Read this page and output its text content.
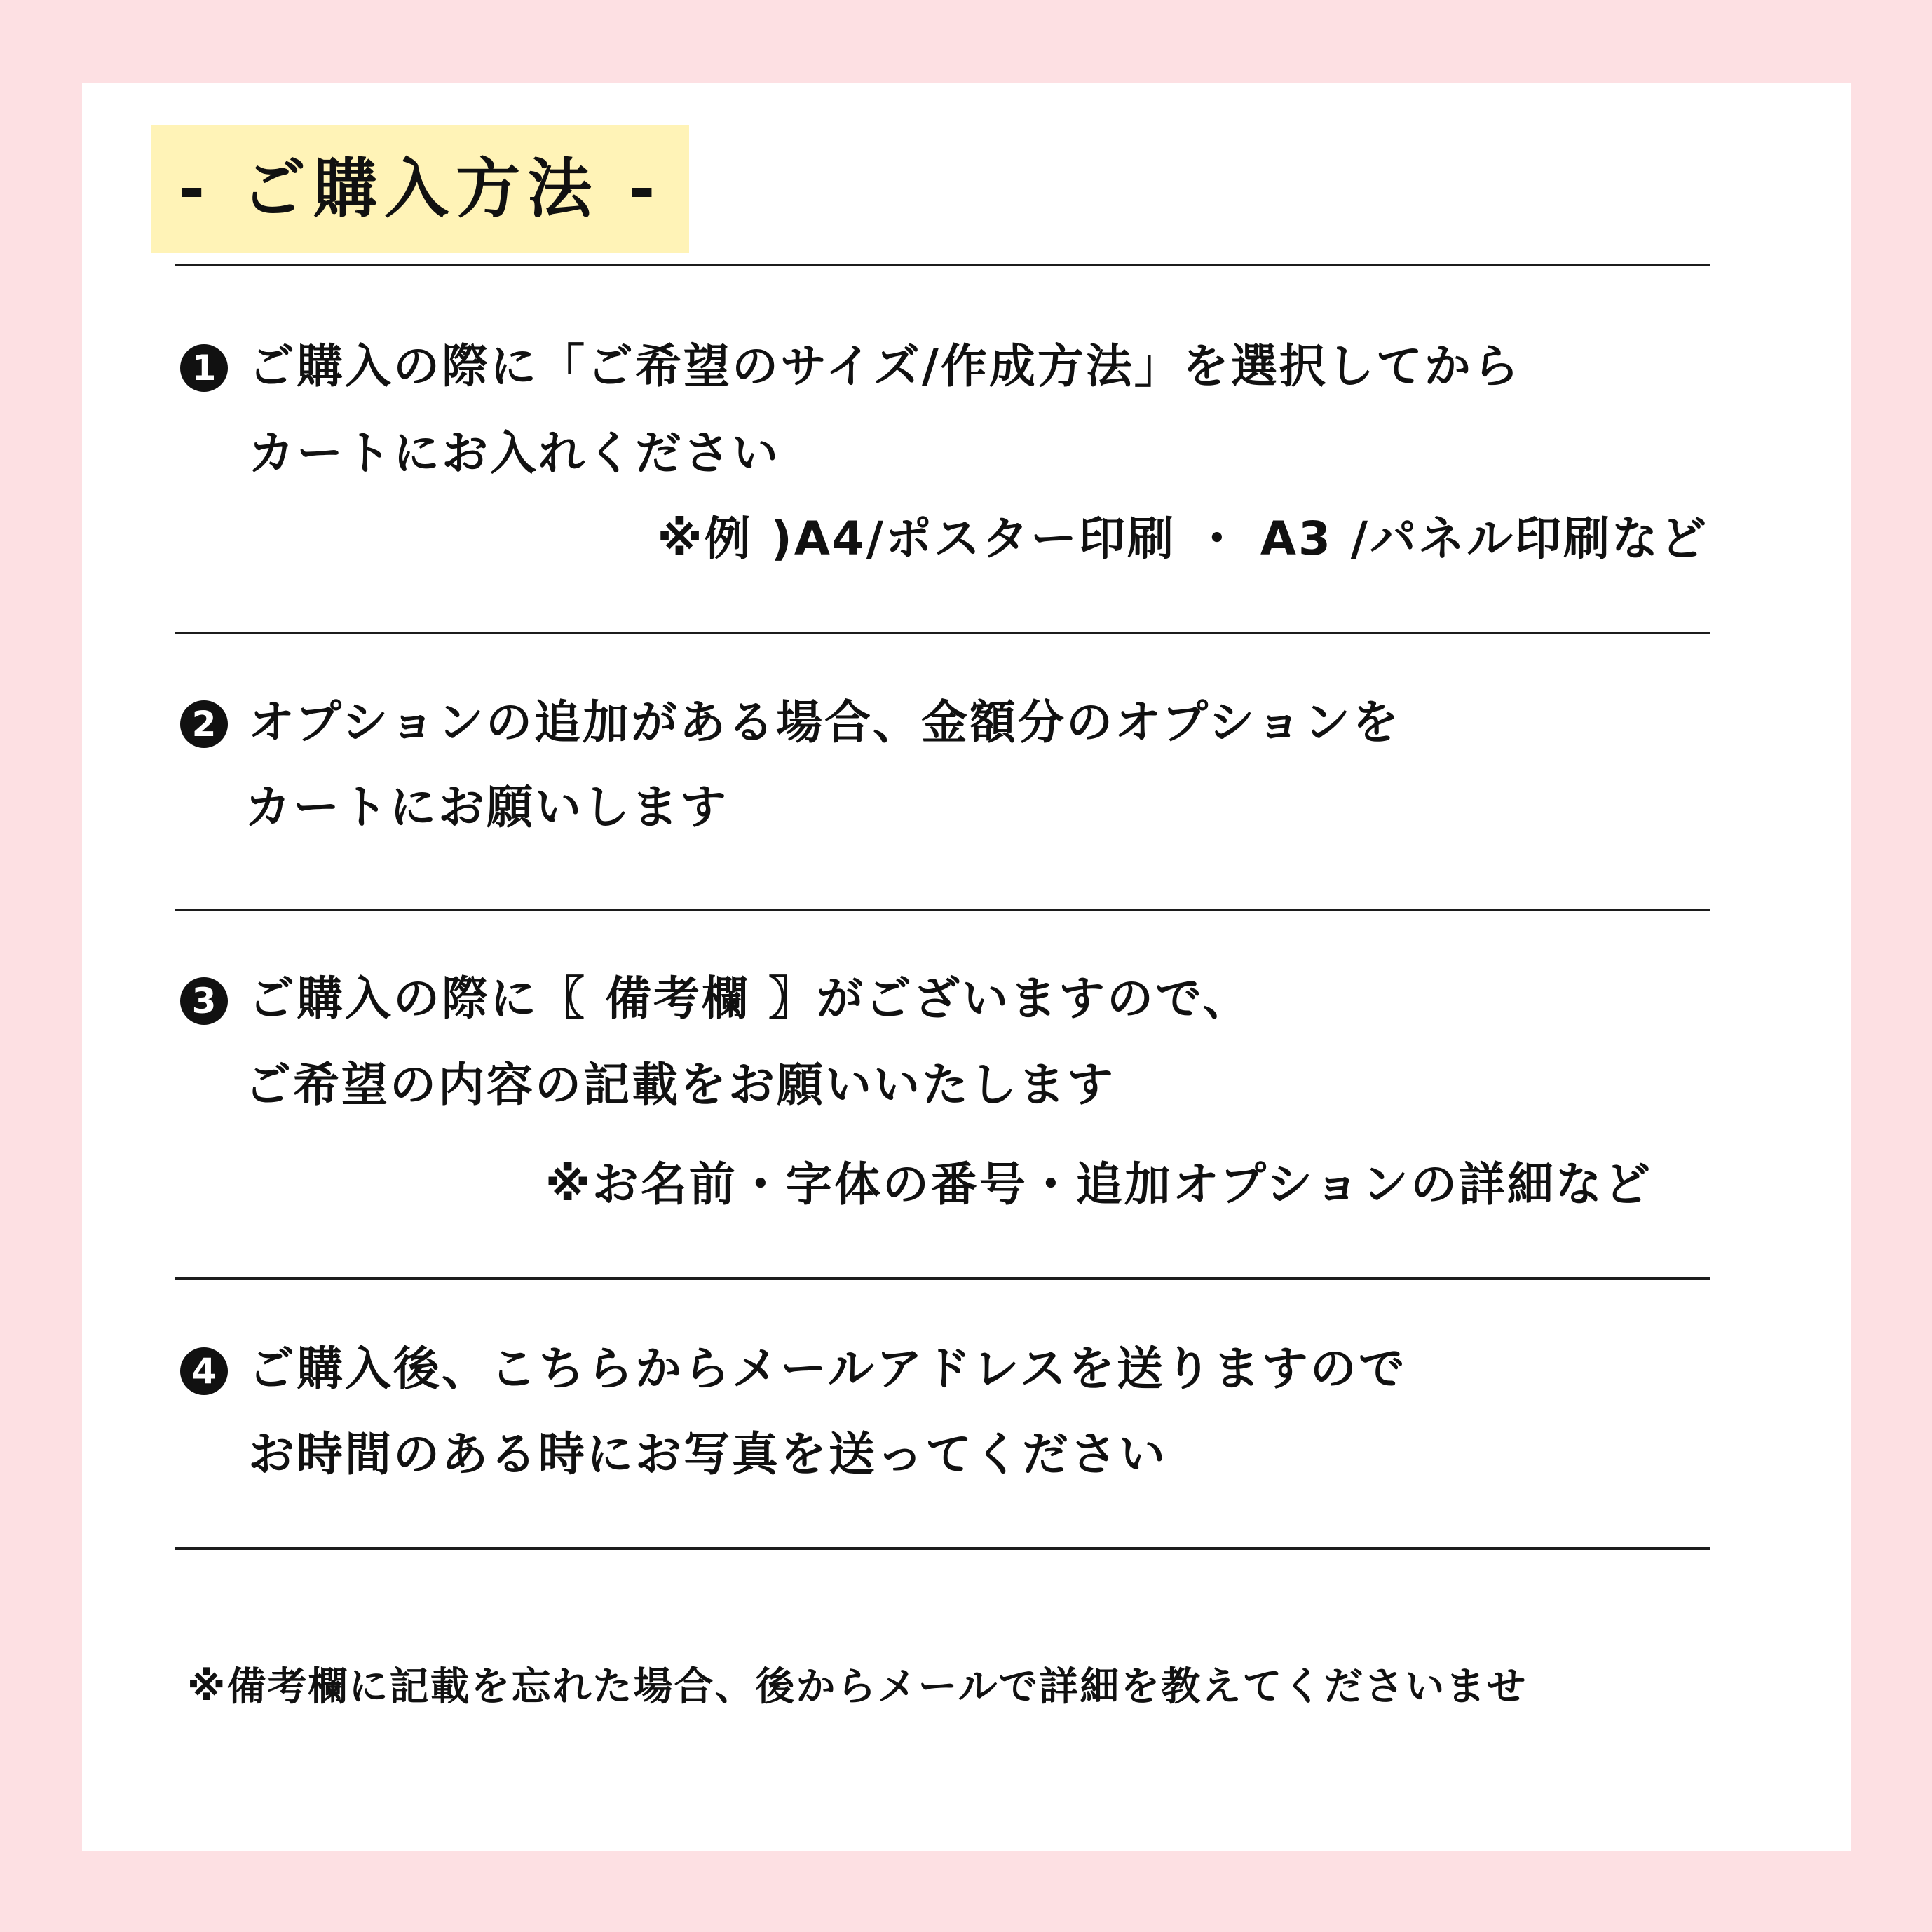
- ご購入方法 -
1 ご購入の際に「ご希望のサイズ/作成方法」を選択してから
カートにお入れください
※例 )A4/ポスター印刷 ・ A3 /パネル印刷など
2 オプションの追加がある場合、金額分のオプションを
カートにお願いします
3 ご購入の際に〖 備考欄 〗がございますので、
ご希望の内容の記載をお願いいたします
※お名前・字体の番号・追加オプションの詳細など
4 ご購入後、こちらからメールアドレスを送りますので
お時間のある時にお写真を送ってください
※備考欄に記載を忘れた場合、後からメールで詳細を教えてくださいませ
